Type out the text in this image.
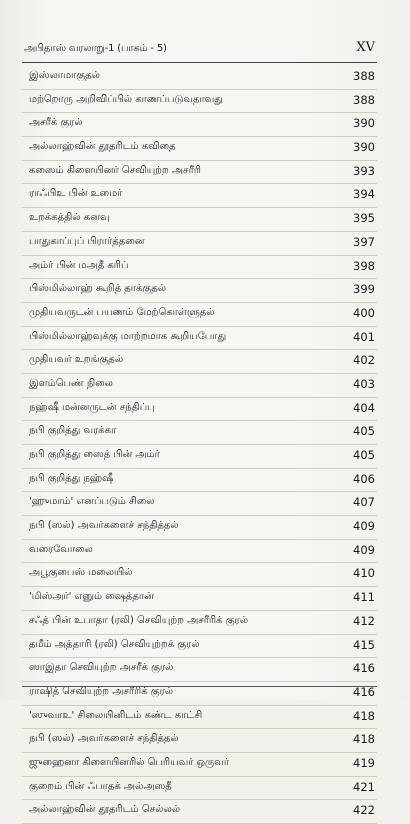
அபிதாஸ் வரலாறு-1 (பாகம் - 5)	XV
இஸ்லாமாகுதல்	388
மற்றொரு அறிவிப்பில் காணப்படுவதாவது	388
அசரீக் குரல்	390
அல்லாஹ்வின் தூதரிடம் கவிதை	390
கஸைம் கிளையினர் செவியுற்ற அசரீரி	393
ராஃபிஉ பின் உமைர்	394
உறக்கத்தில் கனவு	395
பாதுகாப்புப் பிரார்த்தனை	397
அம்ர் பின் மஅதீ கரிப்	398
பிஸ்மில்லாஹ் கூறித் தாக்குதல்	399
முதியவருடன் பயணம் மேற்கொள்ளுதல்	400
பிஸ்மில்லாஹ்வுக்கு மாற்றமாக கூறியபோது	401
முதியவர் உறங்குதல்	402
இளம்பெண் நிலை	403
நஹ்ஷீ மன்னருடன் சந்திப்பு	404
நபி குறித்து வரக்கா	405
நபி குறித்து ஸைத் பின் அம்ர்	405
நபி குறித்து நஹ்ஷீ	406
'ஹுமாம்' எனப்படும் சிலை	407
நபி (ஸல்) அவர்களைச் சந்தித்தல்	409
வரைவோலை	409
அபூகுபைஸ் மலையில்	410
'மிஸ்அர்' எனும் ஷைத்தான்	411
சஃத் பின் உபாதா (ரலி) செவியுற்ற அசரீரிக் குரல்	412
தமீம் அத்தாரி (ரலி) செவியுற்றக் குரல்	415
ஸாஇதா செவியுற்ற அசரீக் குரல்	416
ராஷித் செவியுற்ற அசரீரிக் குரல்	416
'ஸுவாஉ' சிலையினிடம் கண்ட காட்சி	418
நபி (ஸல்) அவர்களைச் சந்தித்தல்	418
ஜுஹைனா கிளையினரில் பெரியவர் ஒருவர்	419
குறைம் பின் ஃபாதக் அல்அஸதீ	421
அல்லாஹ்வின் தூதரிடம் செல்லல்	422
